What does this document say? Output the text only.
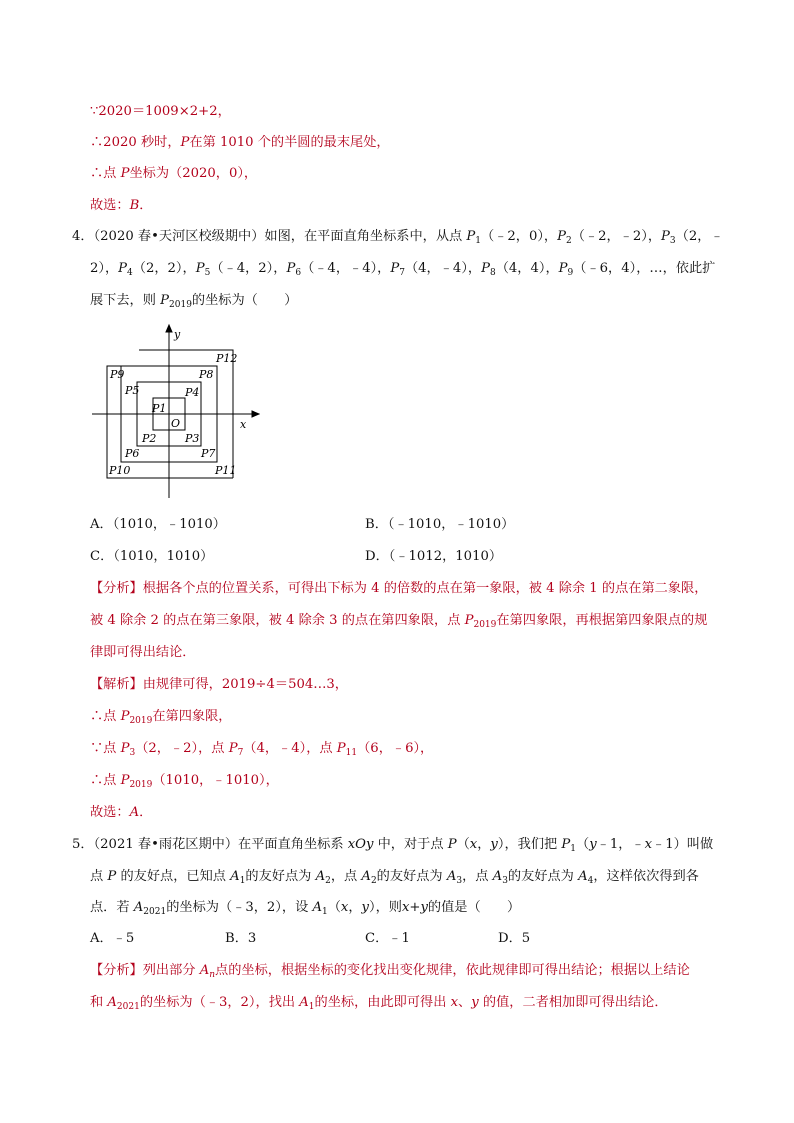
∵2020＝1009×2+2，
∴2020 秒时，P在第 1010 个的半圆的最末尾处，
∴点 P坐标为（2020，0），
故选：B．
4．（2020 春•天河区校级期中）如图，在平面直角坐标系中，从点 $P_1(﹣2$，0），$P_2(﹣2$，﹣2），$P_3(2$，﹣
2），$P_4(2$，2），$P_5(﹣4$，2），$P_6(﹣4$，﹣4），$P_7(4$，﹣4），$P_8(4$，4），$P_9(﹣6$，4），…，依此扩
展下去，则 $P_{2019}$的坐标为（　　）
y
x
O
P1
P2	P3
P4
P5
P6	P7
P8
P9
P10	P11
P12
A．（1010，﹣1010）	B．（﹣1010，﹣1010）
C．（1010，1010）	D．（﹣1012，1010）
【分析】根据各个点的位置关系，可得出下标为 4 的倍数的点在第一象限，被 4 除余 1 的点在第二象限，
被 4 除余 2 的点在第三象限，被 4 除余 3 的点在第四象限，点 $P_{2019}$在第四象限，再根据第四象限点的规
律即可得出结论．
【解析】由规律可得，2019÷4＝504…3，
∴点 $P_{2019}$在第四象限，
∵点 $P_3(2$，﹣2），点 $P_7(4$，﹣4），点 $P_{11}(6$，﹣6），
∴点 $P_{2019}(1010$，﹣1010），
故选：A．
5．（2021 春•雨花区期中）在平面直角坐标系 xOy 中，对于点 P（x，y），我们把 $P_1(y﹣1$，﹣x﹣1）叫做
点 P 的友好点，已知点 $A_1$的友好点为 $A_2$，点 $A_2$的友好点为 $A_3$，点 $A_3$的友好点为 $A_4$，这样依次得到各
点．若 $A_{2021}$的坐标为（﹣3，2），设 $A_1(x$，y），则x+y的值是（　　）
A．﹣5	B．3	C．﹣1	D．5
【分析】列出部分 $A_n$点的坐标，根据坐标的变化找出变化规律，依此规律即可得出结论；根据以上结论
和 $A_{2021}$的坐标为（﹣3，2），找出 $A_1$的坐标，由此即可得出 x、y 的值，二者相加即可得出结论．
